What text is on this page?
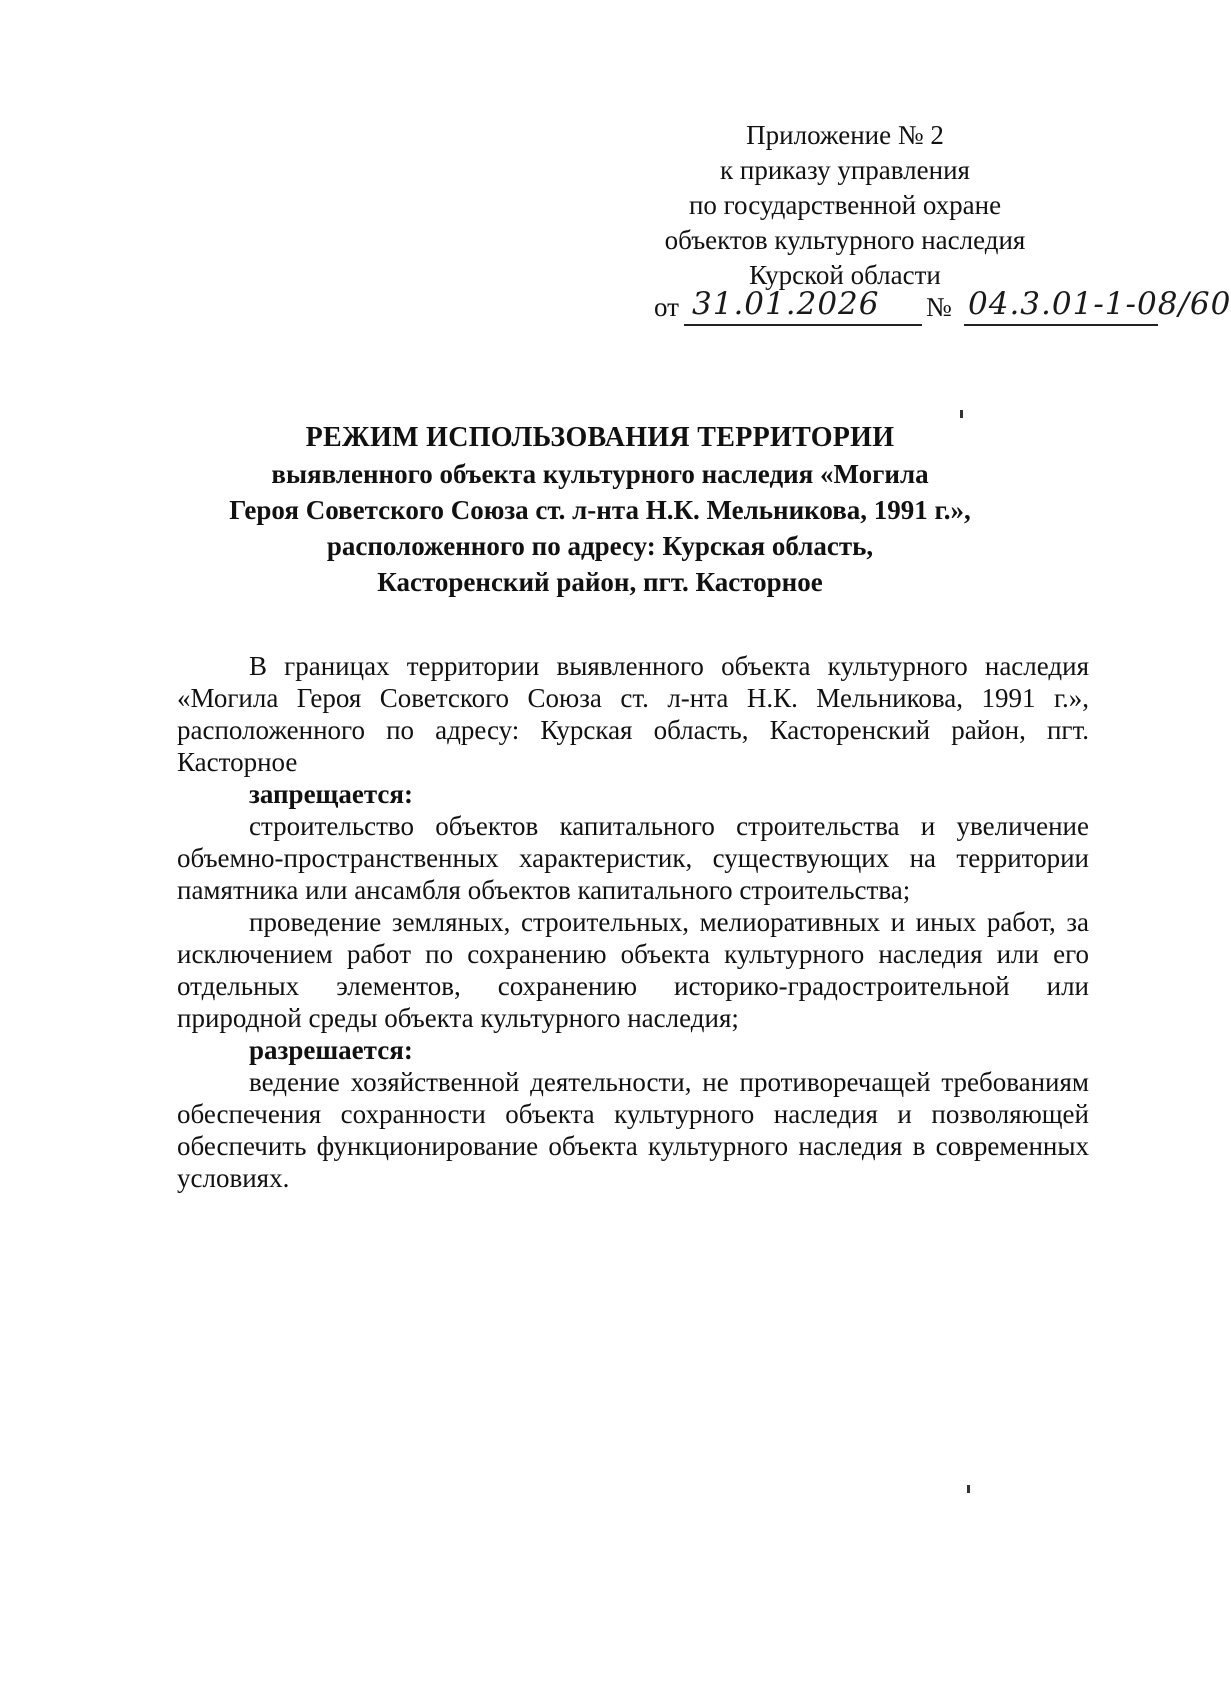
Приложение № 2
к приказу управления
по государственной охране
объектов культурного наследия
Курской области
от 31.01.2026	№ 04.3.01-1-08/60
РЕЖИМ ИСПОЛЬЗОВАНИЯ ТЕРРИТОРИИ
выявленного объекта культурного наследия «Могила
Героя Советского Союза ст. л-нта Н.К. Мельникова, 1991 г.»,
расположенного по адресу: Курская область,
Касторенский район, пгт. Касторное

В границах территории выявленного объекта культурного наследия «Могила Героя Советского Союза ст. л-нта Н.К. Мельникова, 1991 г.», расположенного по адресу: Курская область, Касторенский район, пгт. Касторное

запрещается:

строительство объектов капитального строительства и увеличение объемно-пространственных характеристик, существующих на территории памятника или ансамбля объектов капитального строительства;

проведение земляных, строительных, мелиоративных и иных работ, за исключением работ по сохранению объекта культурного наследия или его отдельных элементов, сохранению историко-градостроительной или природной среды объекта культурного наследия;

разрешается:

ведение хозяйственной деятельности, не противоречащей требованиям обеспечения сохранности объекта культурного наследия и позволяющей обеспечить функционирование объекта культурного наследия в современных условиях.
